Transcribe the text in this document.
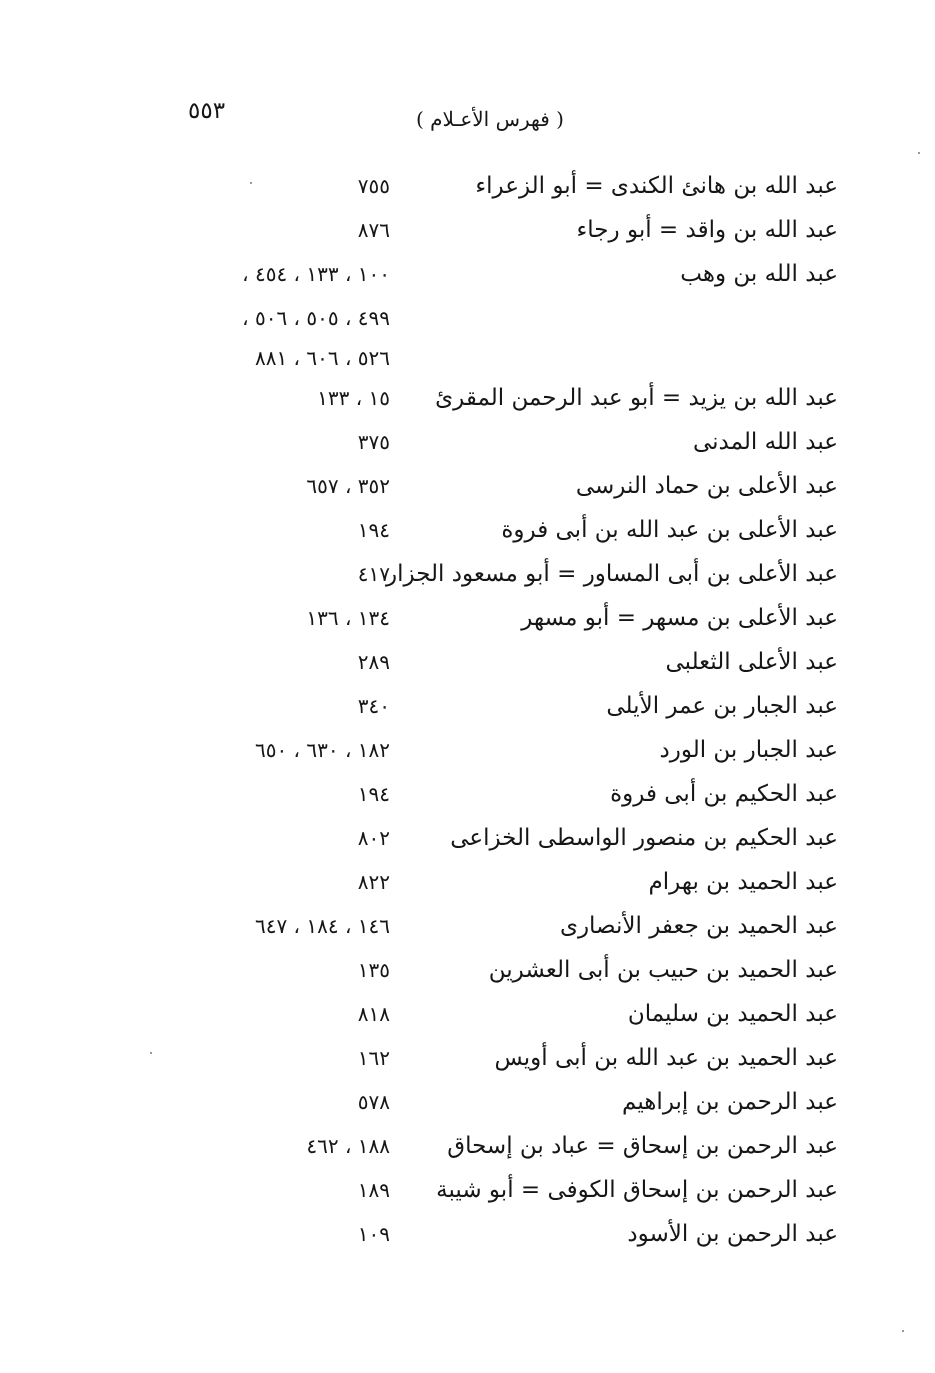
٥٥٣	( فهرس الأعـلام )
عبد الله بن هانئ الكندى = أبو الزعراء
٧٥٥
عبد الله بن واقد = أبو رجاء
٨٧٦
عبد الله بن وهب
١٠٠ ، ١٣٣ ، ٤٥٤ ،
٤٩٩ ، ٥٠٥ ، ٥٠٦ ،
٥٢٦ ، ٦٠٦ ، ٨٨١
عبد الله بن يزيد = أبو عبد الرحمن المقرئ
١٥ ، ١٣٣
عبد الله المدنى
٣٧٥
عبد الأعلى بن حماد النرسى
٣٥٢ ، ٦٥٧
عبد الأعلى بن عبد الله بن أبى فروة
١٩٤
عبد الأعلى بن أبى المساور = أبو مسعود الجزار
٤١٧
عبد الأعلى بن مسهر = أبو مسهر
١٣٤ ، ١٣٦
عبد الأعلى الثعلبى
٢٨٩
عبد الجبار بن عمر الأيلى
٣٤٠
عبد الجبار بن الورد
١٨٢ ، ٦٣٠ ، ٦٥٠
عبد الحكيم بن أبى فروة
١٩٤
عبد الحكيم بن منصور الواسطى الخزاعى
٨٠٢
عبد الحميد بن بهرام
٨٢٢
عبد الحميد بن جعفر الأنصارى
١٤٦ ، ١٨٤ ، ٦٤٧
عبد الحميد بن حبيب بن أبى العشرين
١٣٥
عبد الحميد بن سليمان
٨١٨
عبد الحميد بن عبد الله بن أبى أويس
١٦٢
عبد الرحمن بن إبراهيم
٥٧٨
عبد الرحمن بن إسحاق = عباد بن إسحاق
١٨٨ ، ٤٦٢
عبد الرحمن بن إسحاق الكوفى = أبو شيبة
١٨٩
عبد الرحمن بن الأسود
١٠٩
